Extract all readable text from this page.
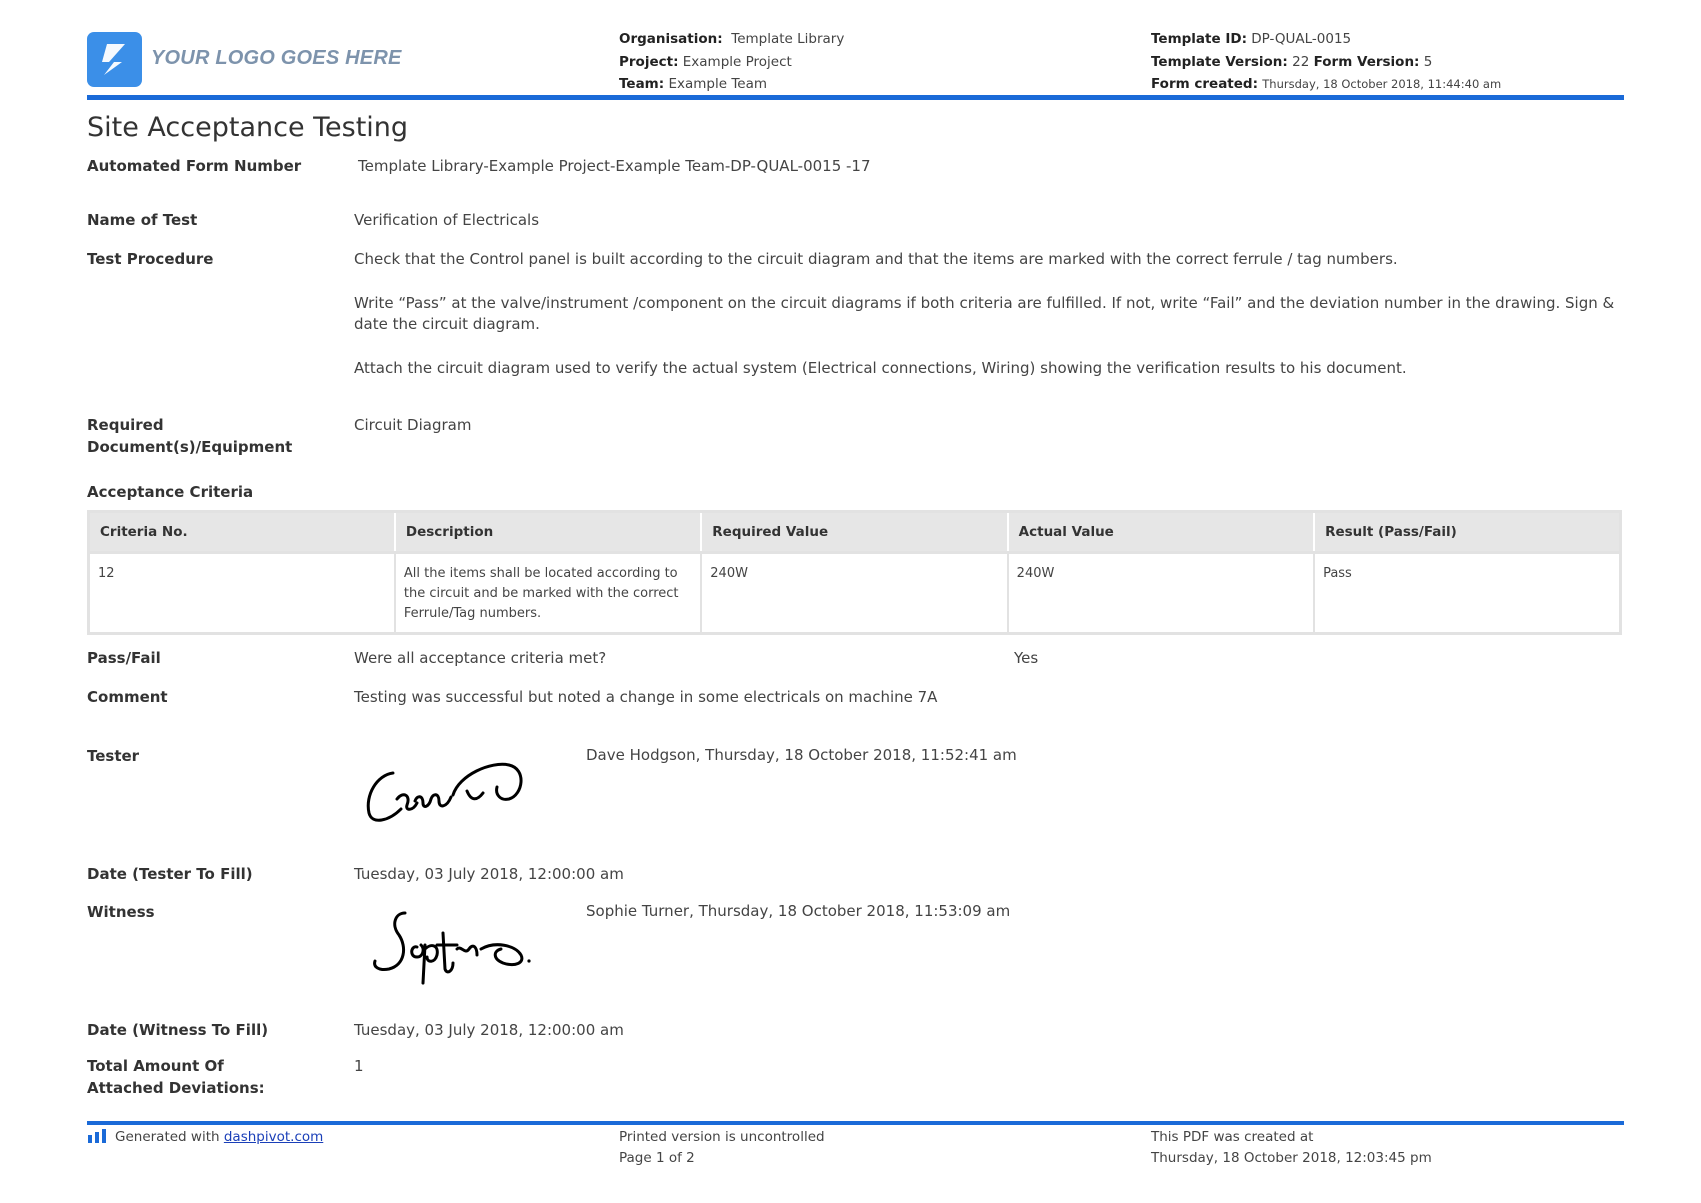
YOUR LOGO GOES HERE
Organisation: Template Library
Project: Example Project
Team: Example Team
Template ID: DP-QUAL-0015
Template Version: 22 Form Version: 5
Form created: Thursday, 18 October 2018, 11:44:40 am
Site Acceptance Testing
Automated Form Number	Template Library-Example Project-Example Team-DP-QUAL-0015 -17
Name of Test	Verification of Electricals
Test Procedure	Check that the Control panel is built according to the circuit diagram and that the items are marked with the correct ferrule / tag numbers.

Write “Pass” at the valve/instrument /component on the circuit diagrams if both criteria are fulfilled. If not, write “Fail” and the deviation number in the drawing. Sign & date the circuit diagram.

Attach the circuit diagram used to verify the actual system (Electrical connections, Wiring) showing the verification results to his document.

Required Document(s)/Equipment
Circuit Diagram
Acceptance Criteria
Criteria No.	Description	Required Value	Actual Value	Result (Pass/Fail)
12	All the items shall be located according to the circuit and be marked with the correct Ferrule/Tag numbers.	240W	240W	Pass
Pass/Fail	Were all acceptance criteria met?	Yes
Comment	Testing was successful but noted a change in some electricals on machine 7A
Tester	Dave Hodgson, Thursday, 18 October 2018, 11:52:41 am
Date (Tester To Fill)	Tuesday, 03 July 2018, 12:00:00 am
Witness	Sophie Turner, Thursday, 18 October 2018, 11:53:09 am
Date (Witness To Fill)	Tuesday, 03 July 2018, 12:00:00 am
Total Amount Of Attached Deviations:
1
Generated with dashpivot.com	Printed version is uncontrolled
Page 1 of 2
This PDF was created at
Thursday, 18 October 2018, 12:03:45 pm
